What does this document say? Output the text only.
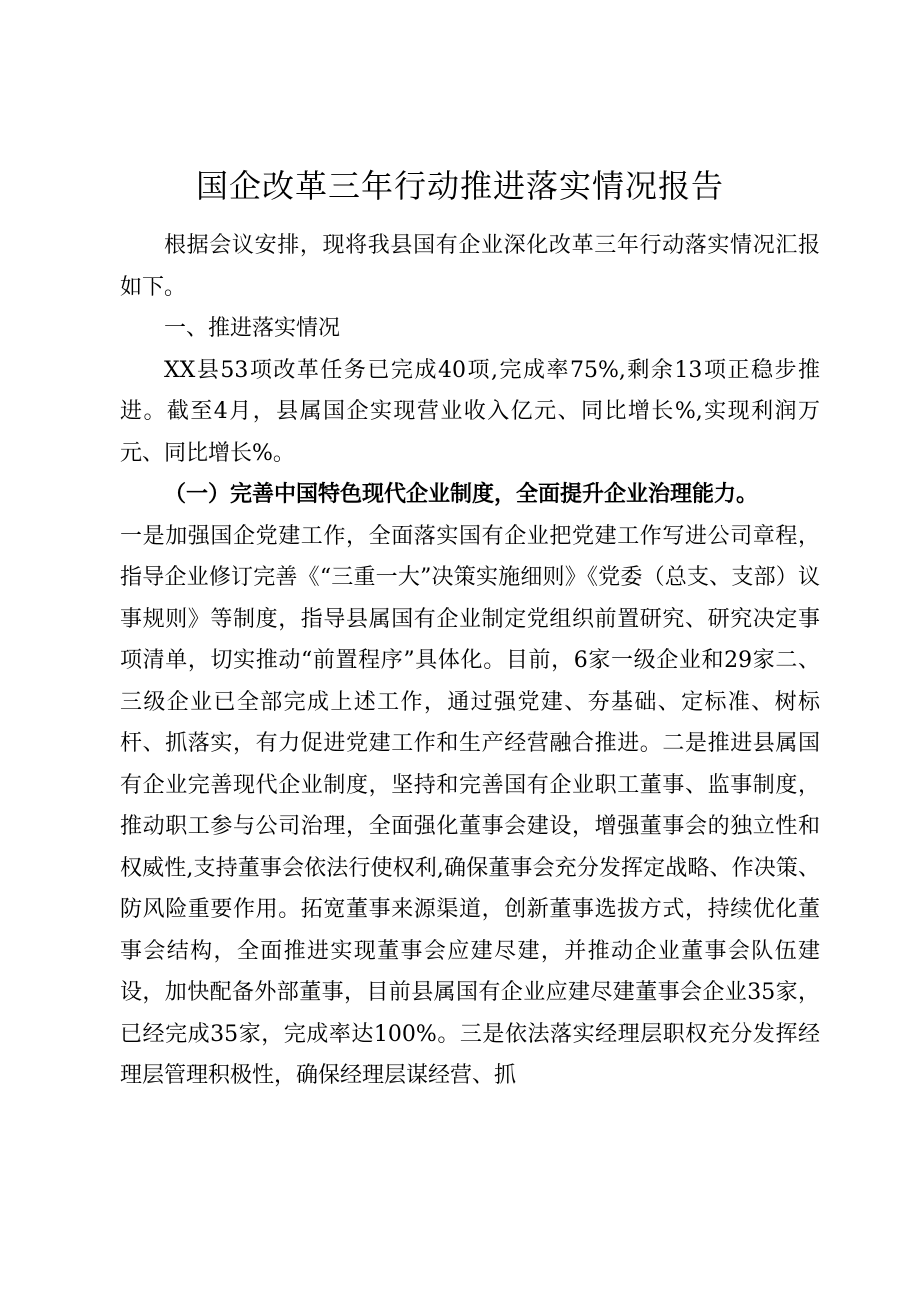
国企改革三年行动推进落实情况报告

根据会议安排，现将我县国有企业深化改革三年行动落实情况汇报如下。

一、推进落实情况

XX县53项改革任务已完成40项,完成率75%,剩余13项正稳步推进。截至4月，县属国企实现营业收入亿元、同比增长%,实现利润万元、同比增长%。

（一）完善中国特色现代企业制度，全面提升企业治理能力。

一是加强国企党建工作，全面落实国有企业把党建工作写进公司章程，指导企业修订完善《“三重一大”决策实施细则》《党委（总支、支部）议事规则》等制度，指导县属国有企业制定党组织前置研究、研究决定事项清单，切实推动“前置程序”具体化。目前，6家一级企业和29家二、三级企业已全部完成上述工作，通过强党建、夯基础、定标准、树标杆、抓落实，有力促进党建工作和生产经营融合推进。二是推进县属国有企业完善现代企业制度，坚持和完善国有企业职工董事、监事制度，推动职工参与公司治理，全面强化董事会建设，增强董事会的独立性和权威性,支持董事会依法行使权利,确保董事会充分发挥定战略、作决策、防风险重要作用。拓宽董事来源渠道，创新董事选拔方式，持续优化董事会结构，全面推进实现董事会应建尽建，并推动企业董事会队伍建设，加快配备外部董事，目前县属国有企业应建尽建董事会企业35家，已经完成35家，完成率达100%。三是依法落实经理层职权充分发挥经理层管理积极性，确保经理层谋经营、抓
